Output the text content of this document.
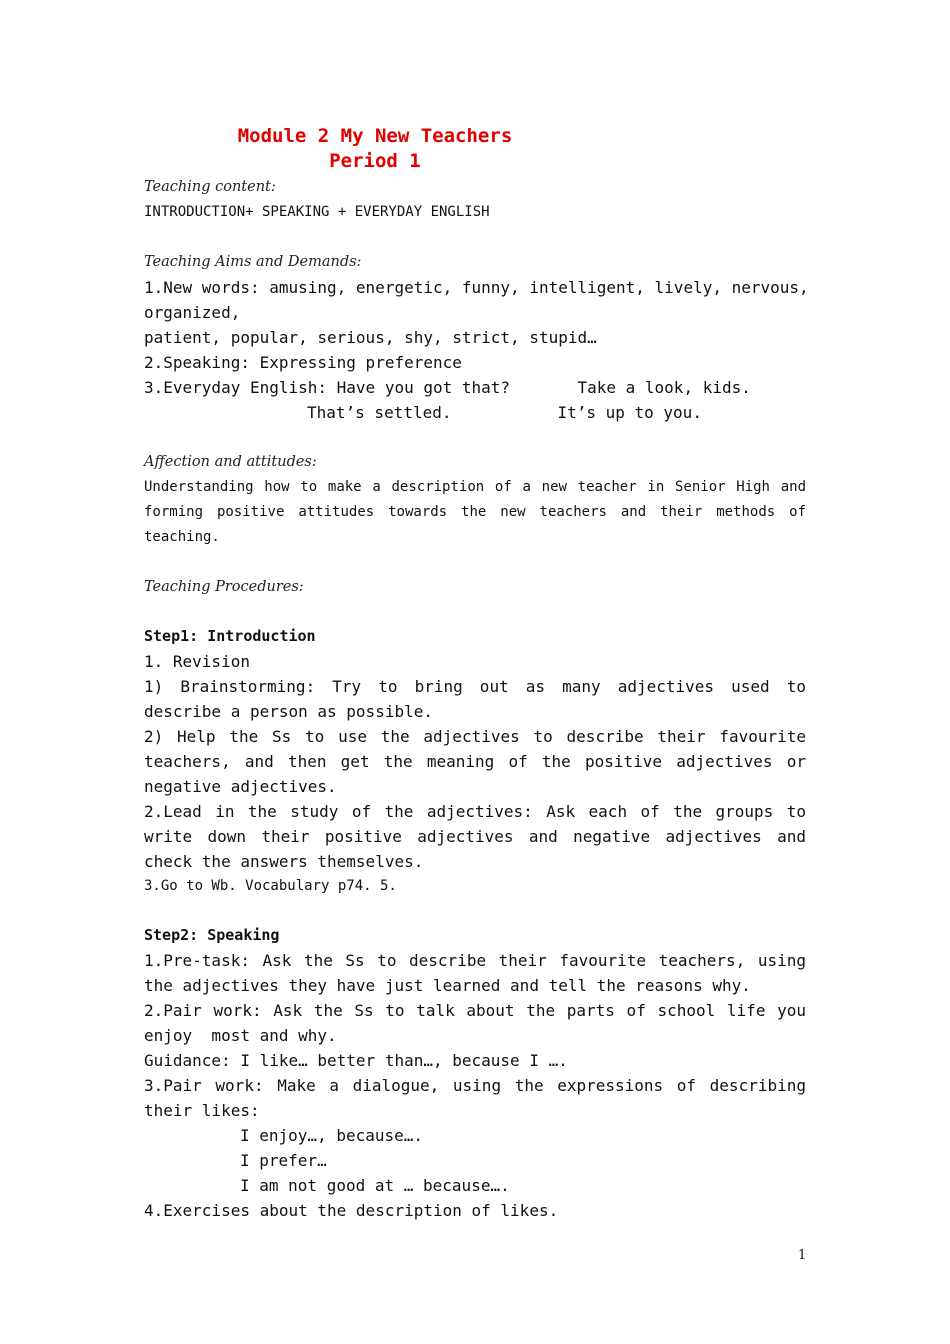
Module 2 My New Teachers
Period 1
Teaching content:
INTRODUCTION+ SPEAKING + EVERYDAY ENGLISH
Teaching Aims and Demands:
1.New words: amusing, energetic, funny, intelligent, lively, nervous,
organized,
patient, popular, serious, shy, strict, stupid…
2.Speaking: Expressing preference
3.Everyday English: Have you got that?       Take a look, kids.
That’s settled.           It’s up to you.
Affection and attitudes:
Understanding how to make a description of a new teacher in Senior High and
forming positive attitudes towards the new teachers and their methods of
teaching.
Teaching Procedures:
Step1: Introduction
1. Revision
1) Brainstorming: Try to bring out as many adjectives used to
describe a person as possible.
2) Help the Ss to use the adjectives to describe their favourite
teachers, and then get the meaning of the positive adjectives or
negative adjectives.
2.Lead in the study of the adjectives: Ask each of the groups to
write down their positive adjectives and negative adjectives and
check the answers themselves.
3.Go to Wb. Vocabulary p74. 5.
Step2: Speaking
1.Pre-task: Ask the Ss to describe their favourite teachers, using
the adjectives they have just learned and tell the reasons why.
2.Pair work: Ask the Ss to talk about the parts of school life you
enjoy  most and why.
Guidance: I like… better than…, because I ….
3.Pair work: Make a dialogue, using the expressions of describing
their likes:
I enjoy…, because….
I prefer…
I am not good at … because….
4.Exercises about the description of likes.
1
